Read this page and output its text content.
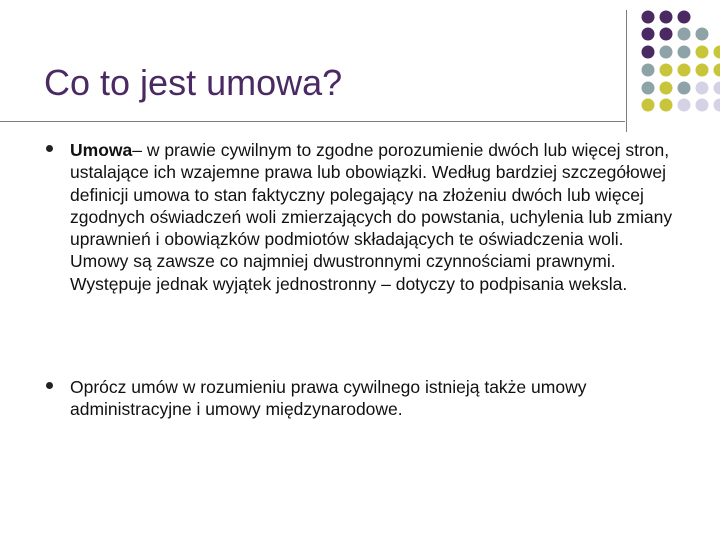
Co to jest umowa?

Umowa– w prawie cywilnym to zgodne porozumienie dwóch lub więcej stron, ustalające ich wzajemne prawa lub obowiązki. Według bardziej szczegółowej definicji umowa to stan faktyczny polegający na złożeniu dwóch lub więcej zgodnych oświadczeń woli zmierzających do powstania, uchylenia lub zmiany uprawnień i obowiązków podmiotów składających te oświadczenia woli. Umowy są zawsze co najmniej dwustronnymi czynnościami prawnymi. Występuje jednak wyjątek jednostronny – dotyczy to podpisania weksla.

Oprócz umów w rozumieniu prawa cywilnego istnieją także umowy administracyjne i umowy międzynarodowe.
